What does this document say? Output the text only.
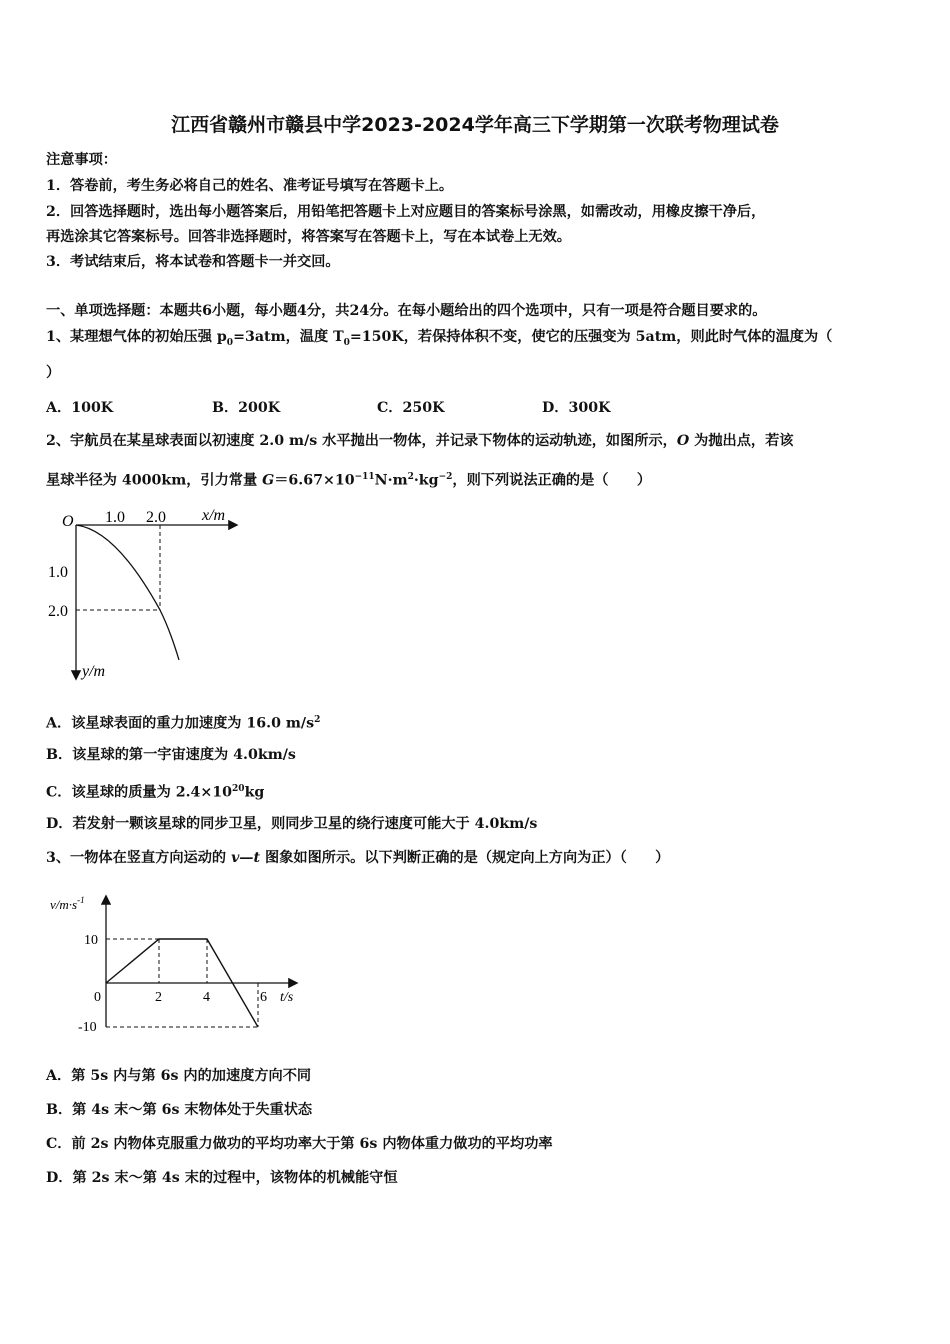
江西省赣州市赣县中学2023-2024学年高三下学期第一次联考物理试卷
注意事项：
1．答卷前，考生务必将自己的姓名、准考证号填写在答题卡上。
2．回答选择题时，选出每小题答案后，用铅笔把答题卡上对应题目的答案标号涂黑，如需改动，用橡皮擦干净后，
再选涂其它答案标号。回答非选择题时，将答案写在答题卡上，写在本试卷上无效。
3．考试结束后，将本试卷和答题卡一并交回。
一、单项选择题：本题共6小题，每小题4分，共24分。在每小题给出的四个选项中，只有一项是符合题目要求的。
1、某理想气体的初始压强 $p_0=3atm$，温度 $T_0=150K$，若保持体积不变，使它的压强变为 5atm，则此时气体的温度为（
）
A．100K	B．200K	C．250K	D．300K
2、宇航员在某星球表面以初速度 2.0 m/s 水平抛出一物体，并记录下物体的运动轨迹，如图所示，O 为抛出点，若该
星球半径为 4000km，引力常量 $G=6.67\times 10^{-11}N\cdot m^2\cdot kg^{-2}$，则下列说法正确的是（　　）
O 1.0 2.0 x/m
1.0
2.0
y/m
A．该星球表面的重力加速度为 16.0 $m/s^2$
B．该星球的第一宇宙速度为 4.0km/s
C．该星球的质量为 $2.4\times 10^{20}kg$
D．若发射一颗该星球的同步卫星，则同步卫星的绕行速度可能大于 4.0km/s
3、一物体在竖直方向运动的 v—t 图象如图所示。以下判断正确的是（规定向上方向为正）（　　）
$v/m\cdot s^{-1}$
10
-10
0	2	4	6 t/s
A．第 5s 内与第 6s 内的加速度方向不同
B．第 4s 末～第 6s 末物体处于失重状态
C．前 2s 内物体克服重力做功的平均功率大于第 6s 内物体重力做功的平均功率
D．第 2s 末～第 4s 末的过程中，该物体的机械能守恒
